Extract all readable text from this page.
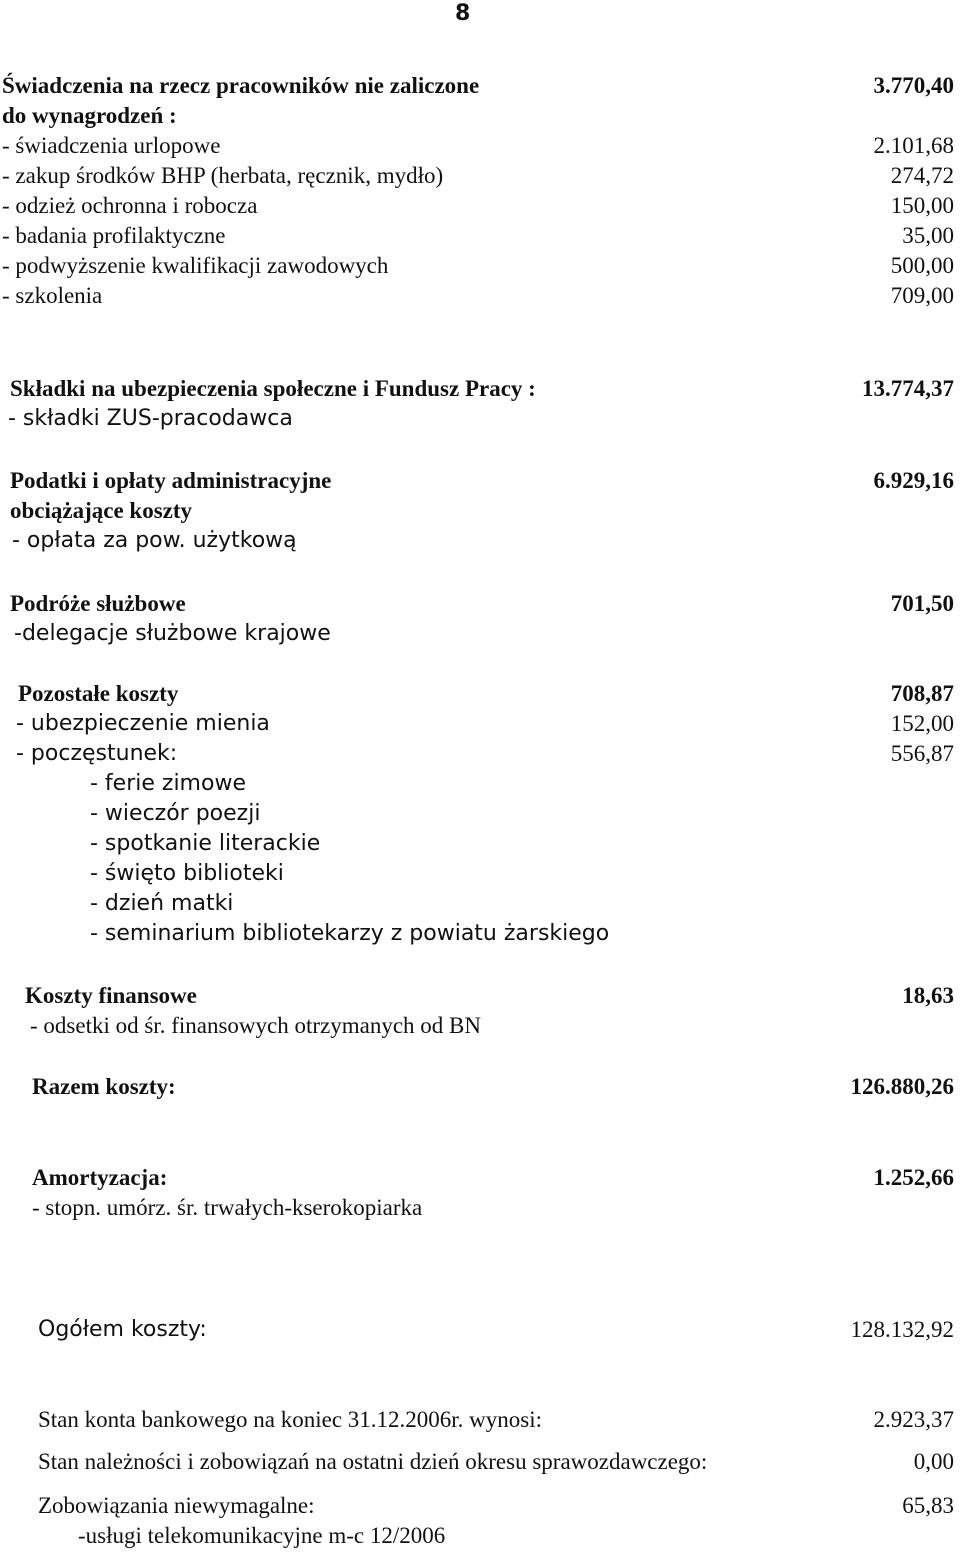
8
Świadczenia na rzecz pracowników nie zaliczone	3.770,40
do wynagrodzeń :
- świadczenia urlopowe	2.101,68
- zakup środków BHP (herbata, ręcznik, mydło)	274,72
- odzież ochronna i robocza	150,00
- badania profilaktyczne	35,00
- podwyższenie kwalifikacji zawodowych	500,00
- szkolenia	709,00
Składki na ubezpieczenia społeczne i Fundusz Pracy :	13.774,37
- składki ZUS-pracodawca
Podatki i opłaty administracyjne	6.929,16
obciążające koszty
- opłata za pow. użytkową
Podróże służbowe	701,50
-delegacje służbowe krajowe
Pozostałe koszty	708,87
- ubezpieczenie mienia	152,00
- poczęstunek:	556,87
- ferie zimowe
- wieczór poezji
- spotkanie literackie
- święto biblioteki
- dzień matki
- seminarium bibliotekarzy z powiatu żarskiego
Koszty finansowe	18,63
- odsetki od śr. finansowych otrzymanych od BN
Razem koszty:	126.880,26
Amortyzacja:	1.252,66
- stopn. umórz. śr. trwałych-kserokopiarka
Ogółem koszty:	128.132,92
Stan konta bankowego na koniec 31.12.2006r. wynosi:	2.923,37
Stan należności i zobowiązań na ostatni dzień okresu sprawozdawczego:	0,00
Zobowiązania niewymagalne:	65,83
-usługi telekomunikacyjne m-c 12/2006
